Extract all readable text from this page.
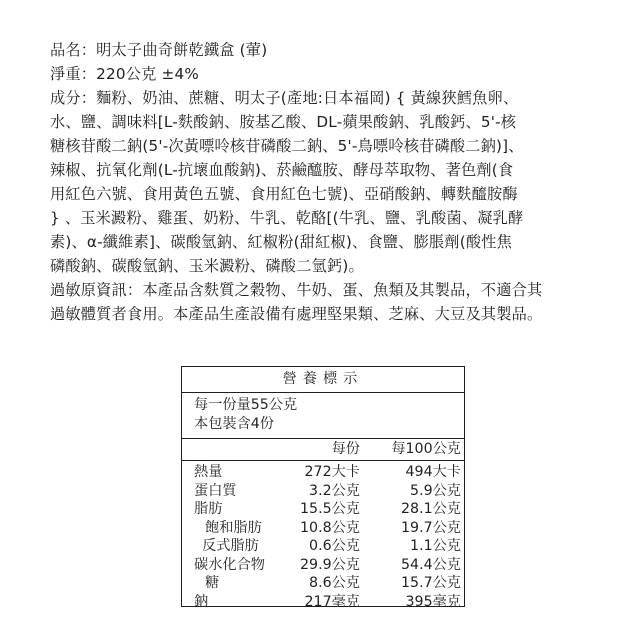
品名：明太子曲奇餅乾鐵盒 (葷)

淨重：220公克 ±4%

成分：麵粉、奶油、蔗糖、明太子(產地:日本福岡) { 黃線狹鱈魚卵、
水、鹽、調味料[L-麩酸鈉、胺基乙酸、DL-蘋果酸鈉、乳酸鈣、5'-核
糖核苷酸二鈉(5'-次黃嘌呤核苷磷酸二鈉、5'-鳥嘌呤核苷磷酸二鈉)]、
辣椒、抗氧化劑(L-抗壞血酸鈉)、菸鹼醯胺、酵母萃取物、著色劑(食
用紅色六號、食用黃色五號、食用紅色七號)、亞硝酸鈉、轉麩醯胺酶
} 、玉米澱粉、雞蛋、奶粉、牛乳、乾酪[(牛乳、鹽、乳酸菌、凝乳酵
素)、α-纖維素]、碳酸氫鈉、紅椒粉(甜紅椒)、食鹽、膨脹劑(酸性焦
磷酸鈉、碳酸氫鈉、玉米澱粉、磷酸二氫鈣)。
過敏原資訊：本產品含麩質之穀物、牛奶、蛋、魚類及其製品，不適合其
過敏體質者食用。本產品生產設備有處理堅果類、芝麻、大豆及其製品。
營養標示
每一份量55公克
本包裝含4份
每份 每100公克
熱量	272大卡	494大卡
蛋白質	3.2公克	5.9公克
脂肪	15.5公克	28.1公克
飽和脂肪	10.8公克	19.7公克
反式脂肪	0.6公克	1.1公克
碳水化合物 29.9公克	54.4公克
糖	8.6公克	15.7公克
鈉	217毫克	395毫克
